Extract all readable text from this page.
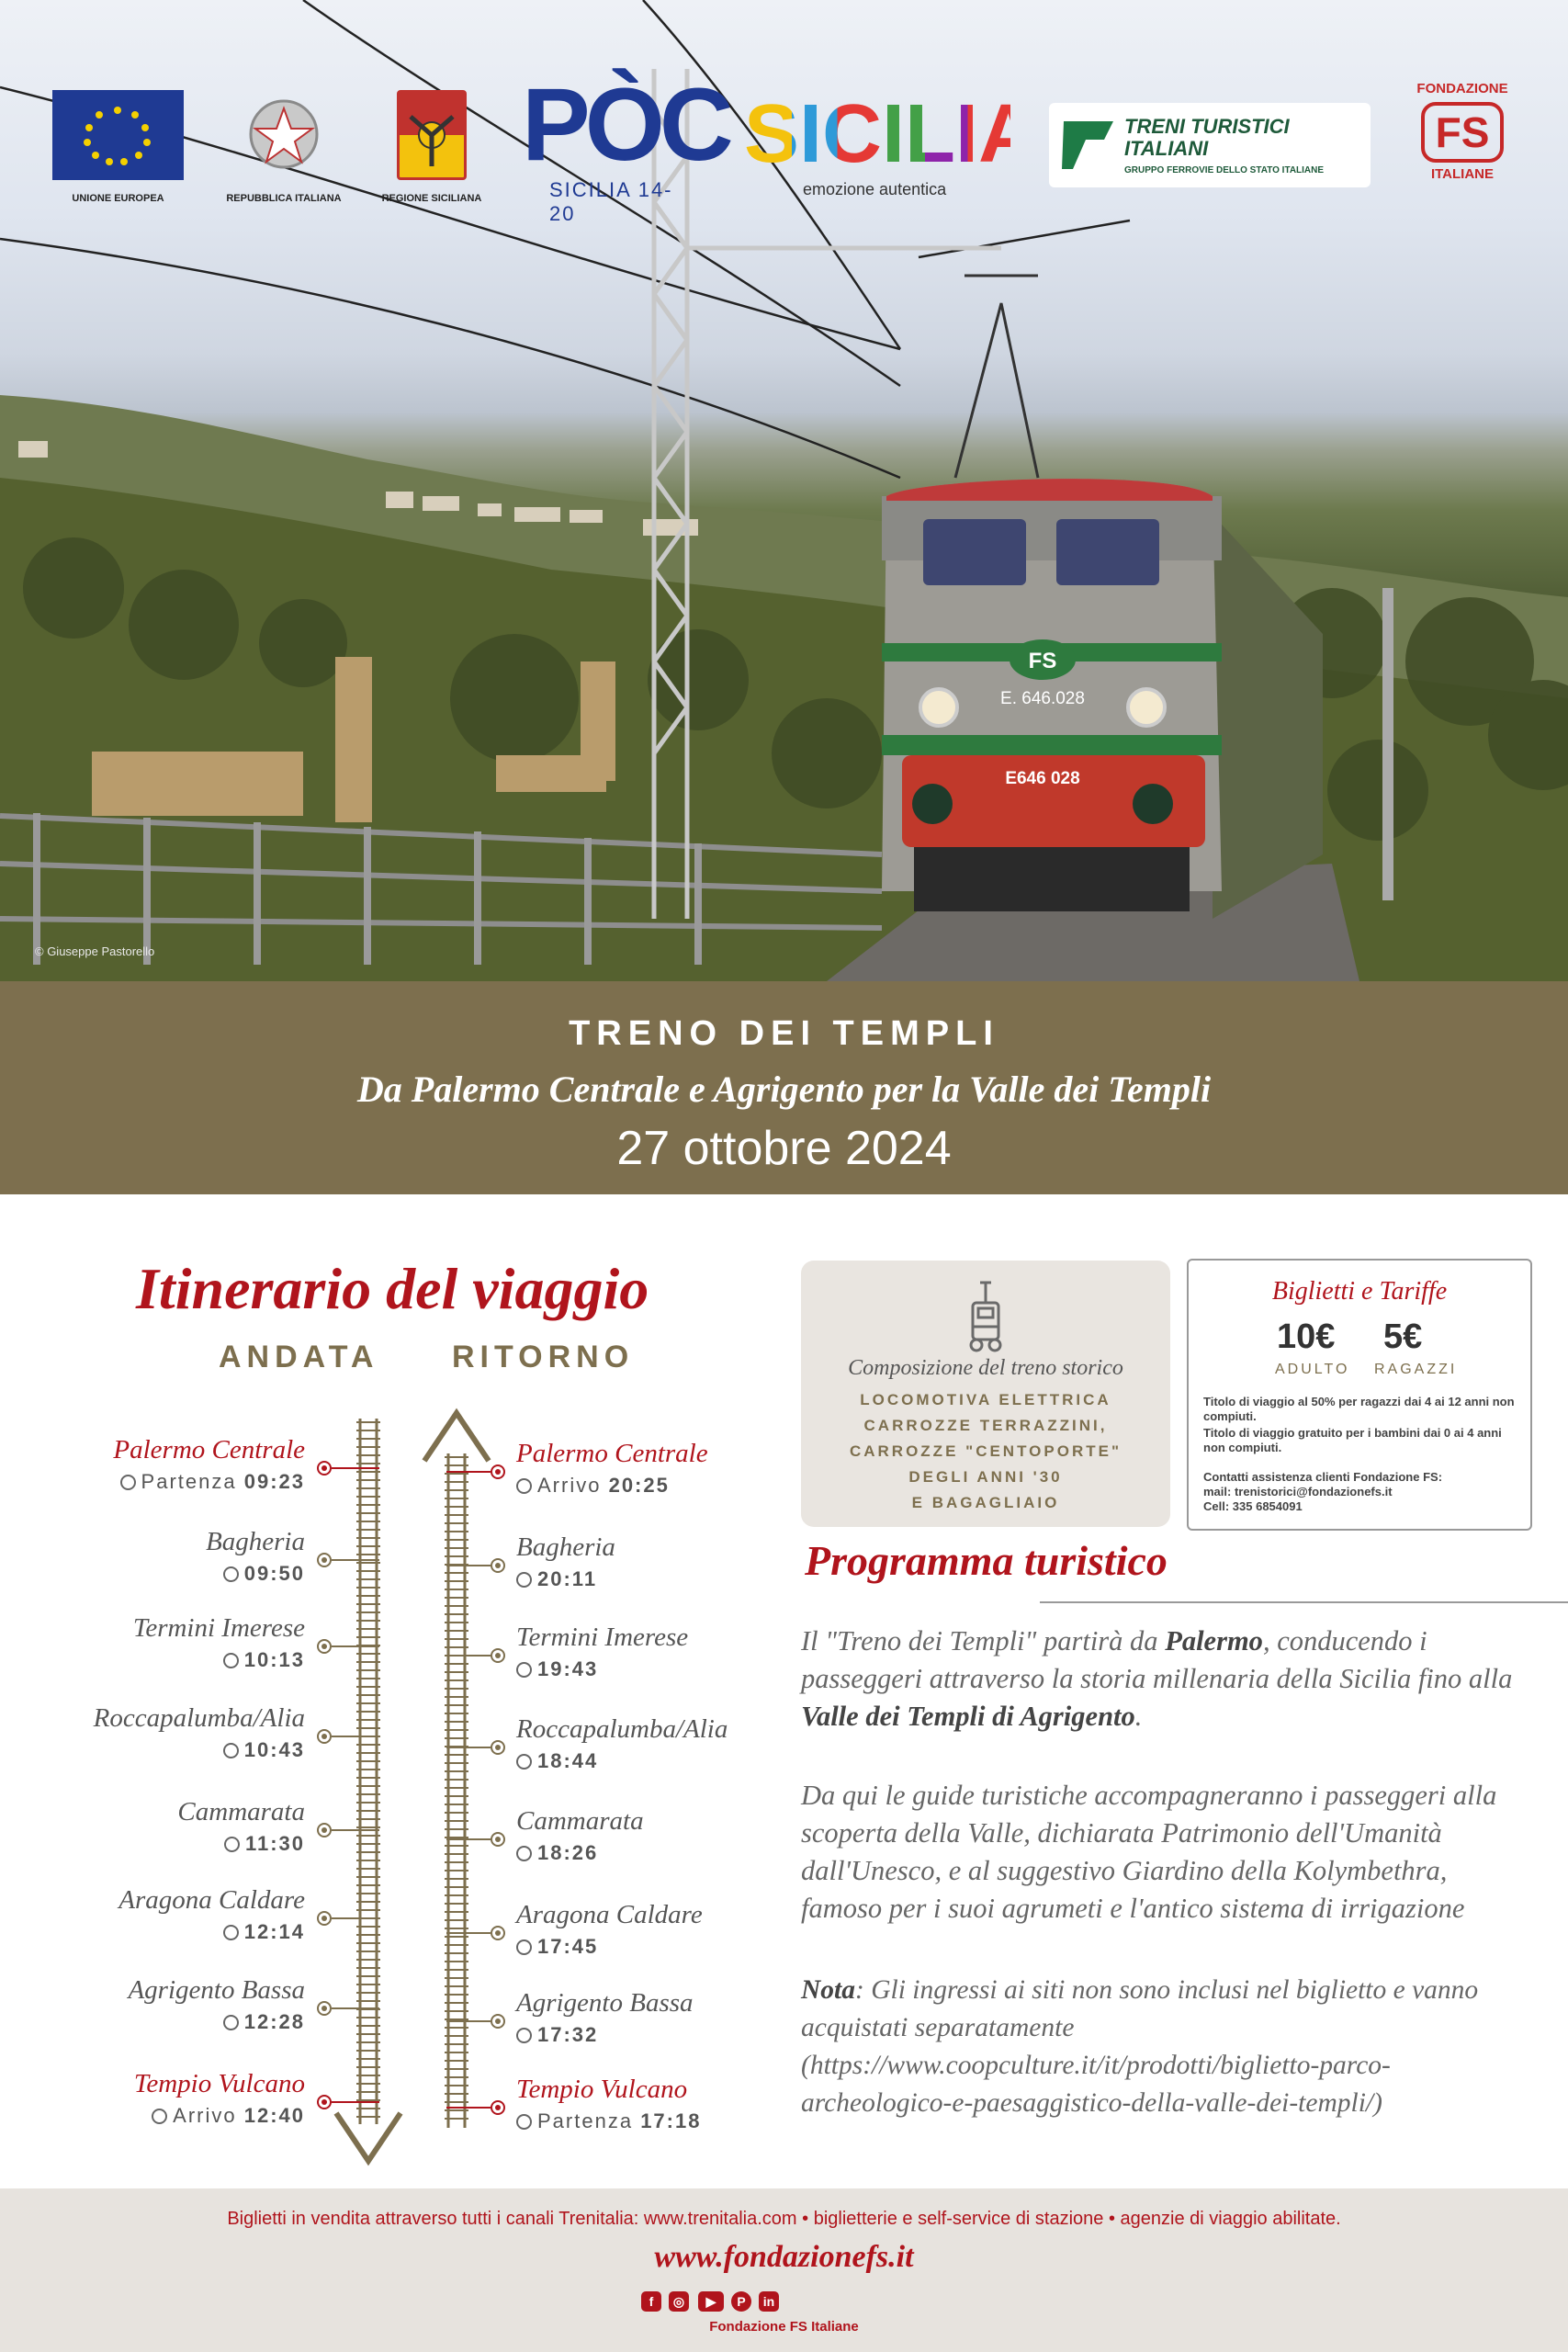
FS
E. 646.028
E646 028
© Giuseppe Pastorello
UNIONE EUROPEA	REPUBBLICA ITALIANA	REGIONE SICILIANA
PÒC
SICILIA 14-20
SICILIA
emozione autentica
TRENI TURISTICI
ITALIANI
GRUPPO FERROVIE DELLO STATO ITALIANE
FONDAZIONE
FS
ITALIANE
TRENO DEI TEMPLI
Da Palermo Centrale e Agrigento per la Valle dei Templi
27 ottobre 2024
Itinerario del viaggio
ANDATA RITORNO
Palermo Centrale
Partenza 09:23
Bagheria
09:50
Termini Imerese
10:13
Roccapalumba/Alia
10:43
Cammarata
11:30
Aragona Caldare
12:14
Agrigento Bassa
12:28
Tempio Vulcano
Arrivo 12:40
Palermo Centrale
Arrivo 20:25
Bagheria
20:11
Termini Imerese
19:43
Roccapalumba/Alia
18:44
Cammarata
18:26
Aragona Caldare
17:45
Agrigento Bassa
17:32
Tempio Vulcano
Partenza 17:18
Composizione del treno storico
LOCOMOTIVA ELETTRICA
CARROZZE TERRAZZINI,
CARROZZE "CENTOPORTE"
DEGLI ANNI '30
E BAGAGLIAIO
Biglietti e Tariffe
10€
ADULTO
5€
RAGAZZI
Titolo di viaggio al 50% per ragazzi dai 4 ai 12 anni non compiuti.
Titolo di viaggio gratuito per i bambini dai 0 ai 4 anni non compiuti.
Contatti assistenza clienti Fondazione FS:
mail: trenistorici@fondazionefs.it
Cell: 335 6854091
Programma turistico
Il "Treno dei Templi" partirà da Palermo, conducendo i passeggeri attraverso la storia millenaria della Sicilia fino alla Valle dei Templi di Agrigento.
Da qui le guide turistiche accompagneranno i passeggeri alla scoperta della Valle, dichiarata Patrimonio dell'Umanità dall'Unesco, e al suggestivo Giardino della Kolymbethra, famoso per i suoi agrumeti e l'antico sistema di irrigazione
Nota: Gli ingressi ai siti non sono inclusi nel biglietto e vanno acquistati separatamente (https://www.coopculture.it/it/prodotti/biglietto-parco-archeologico-e-paesaggistico-della-valle-dei-templi/)
Biglietti in vendita attraverso tutti i canali Trenitalia: www.trenitalia.com • biglietterie e self-service di stazione • agenzie di viaggio abilitate.
www.fondazionefs.it
f	◎	▶	P	in
Fondazione FS Italiane
